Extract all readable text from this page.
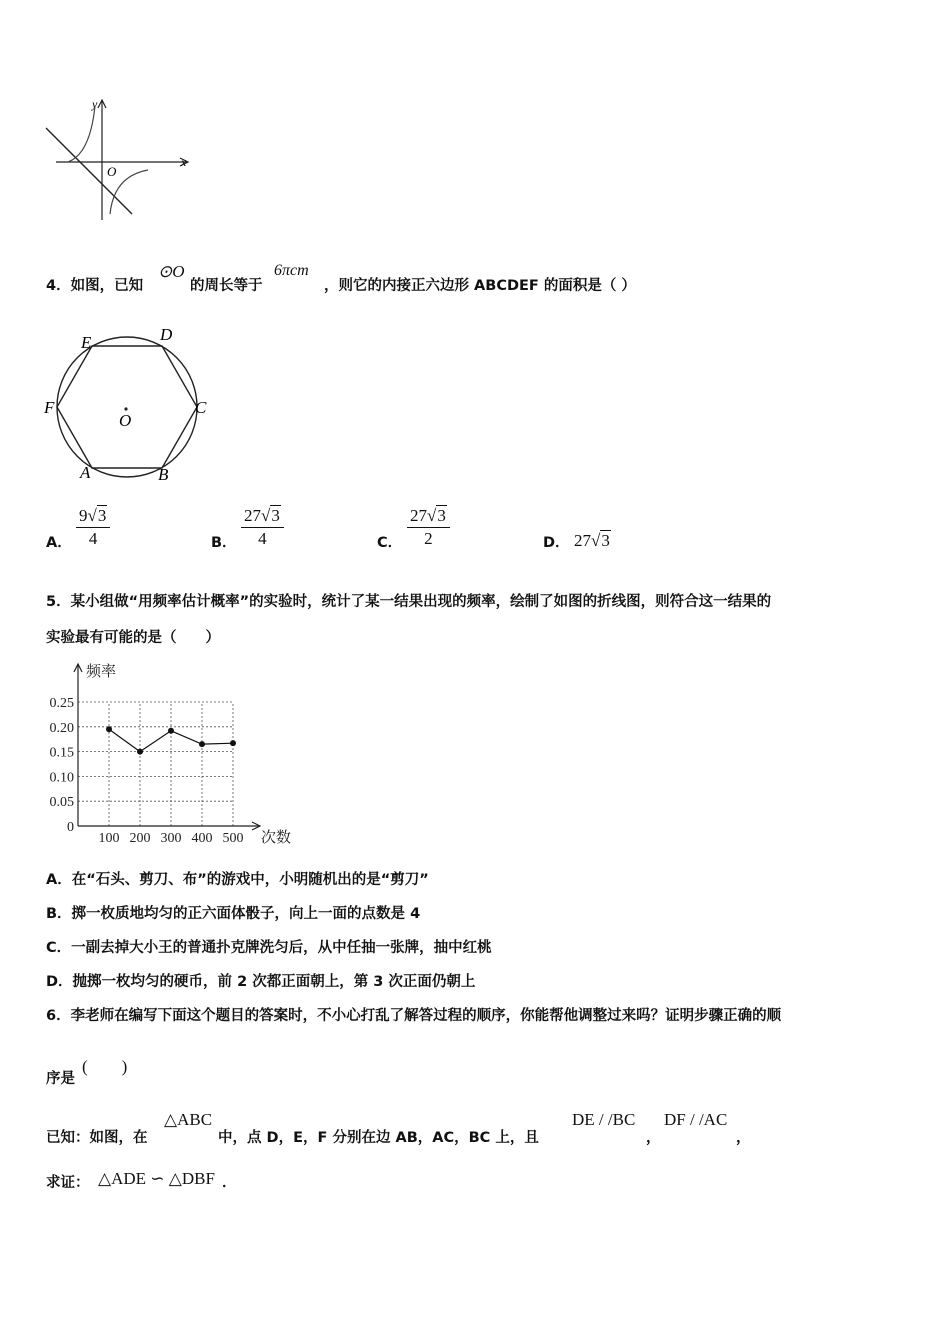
y
x
O
4．如图，已知
⊙O
的周长等于
6πcm
，则它的内接正六边形 ABCDEF 的面积是（ ）
E	D
C
B
A
F
O
A． $\frac{9√3}{4}$	B． $\frac{27√3}{4}$	C． $\frac{27√3}{2}$	D． 27√3
5．某小组做“用频率估计概率”的实验时，统计了某一结果出现的频率，绘制了如图的折线图，则符合这一结果的
实验最有可能的是（　　）
0
0.05
0.10
0.15
0.20
0.25
100 200 300 400 500
频率
次数
A．在“石头、剪刀、布”的游戏中，小明随机出的是“剪刀”
B．掷一枚质地均匀的正六面体骰子，向上一面的点数是 4
C．一副去掉大小王的普通扑克牌洗匀后，从中任抽一张牌，抽中红桃
D．抛掷一枚均匀的硬币，前 2 次都正面朝上，第 3 次正面仍朝上
6．李老师在编写下面这个题目的答案时，不小心打乱了解答过程的顺序，你能帮他调整过来吗？证明步骤正确的顺
序是
(　　)
已知：如图，在
△ABC
中，点 D，E，F 分别在边 AB，AC，BC 上，且
DE / /BC
，
DF / /AC
，
求证： △ADE ∽ △DBF ．
